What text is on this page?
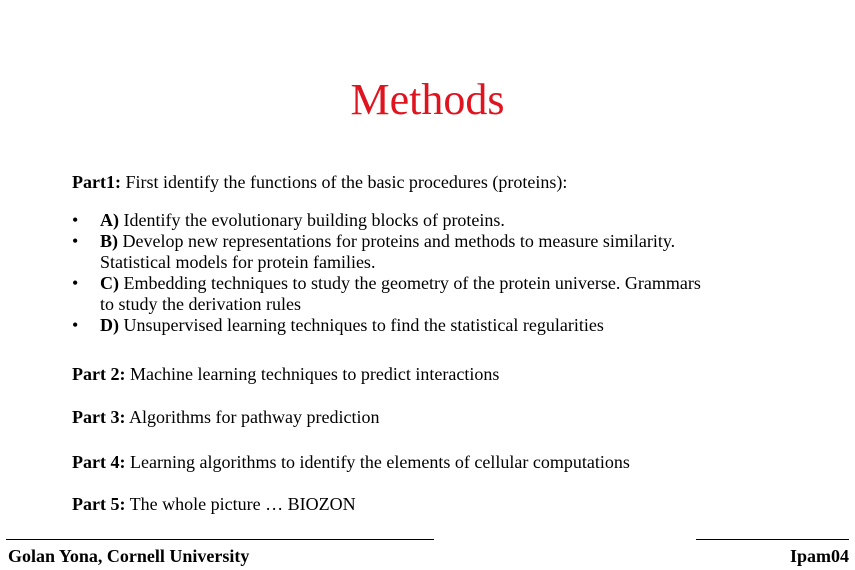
Methods
Part1: First identify the functions of the basic procedures (proteins):
•	A) Identify the evolutionary building blocks of proteins.
•	B) Develop new representations for proteins and methods to measure similarity.
Statistical models for protein families.
•	C) Embedding techniques to study the geometry of the protein universe. Grammars
to study the derivation rules
•	D) Unsupervised learning techniques to find the statistical regularities
Part 2: Machine learning techniques to predict interactions
Part 3: Algorithms for pathway prediction
Part 4: Learning algorithms to identify the elements of cellular computations
Part 5: The whole picture … BIOZON
Golan Yona, Cornell University	Ipam04
